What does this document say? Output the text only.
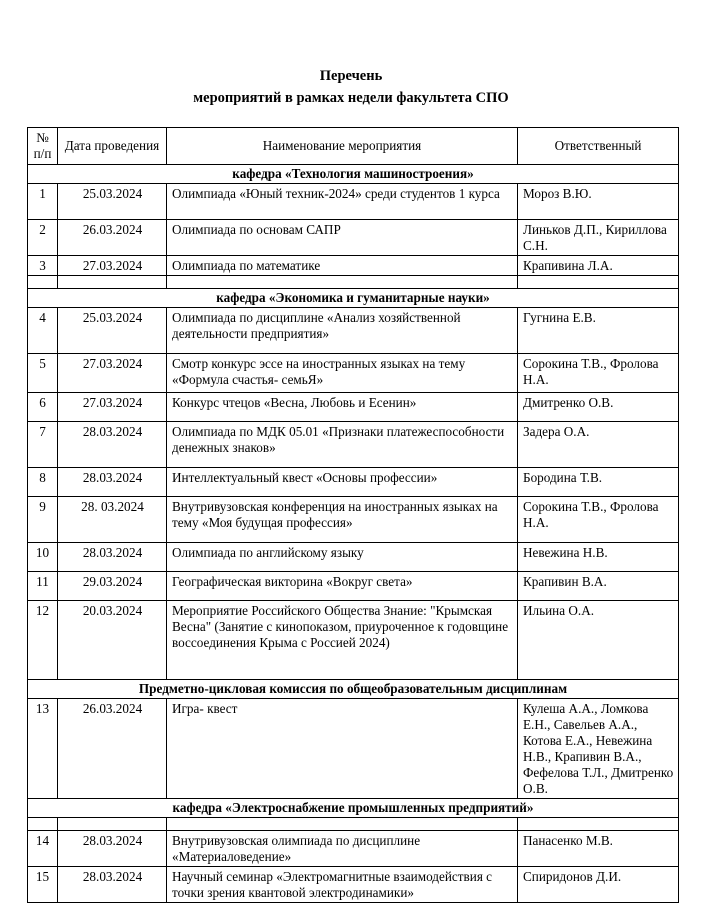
Перечень
мероприятий в рамках недели факультета СПО
№ п/п	Дата проведения	Наименование мероприятия	Ответственный
кафедра «Технология машиностроения»			
1	25.03.2024	Олимпиада «Юный техник-2024» среди студентов 1 курса	Мороз В.Ю.
2	26.03.2024	Олимпиада по основам САПР	Линьков Д.П., Кириллова С.Н.
3	27.03.2024	Олимпиада по математике	Крапивина Л.А.

кафедра «Экономика и гуманитарные науки»			
4	25.03.2024	Олимпиада по дисциплине «Анализ хозяйственной деятельности предприятия»	Гугнина Е.В.
5	27.03.2024	Смотр конкурс эссе на иностранных языках на тему «Формула счастья- семьЯ»	Сорокина Т.В., Фролова Н.А.
6	27.03.2024	Конкурс чтецов «Весна, Любовь и Есенин»	Дмитренко О.В.
7	28.03.2024	Олимпиада по МДК 05.01 «Признаки платежеспособности денежных знаков»	Задера О.А.
8	28.03.2024	Интеллектуальный квест «Основы профессии»	Бородина Т.В.
9	28. 03.2024	Внутривузовская конференция на иностранных языках на тему «Моя будущая профессия»	Сорокина Т.В., Фролова Н.А.
10	28.03.2024	Олимпиада по английскому языку	Невежина Н.В.
11	29.03.2024	Географическая викторина «Вокруг света»	Крапивин В.А.
12	20.03.2024	Мероприятие Российского Общества Знание: "Крымская Весна" (Занятие с кинопоказом, приуроченное к годовщине воссоединения Крыма с Россией 2024)	Ильина О.А.
Предметно-цикловая комиссия по общеобразовательным дисциплинам			
13	26.03.2024	Игра- квест	Кулеша А.А., Ломкова Е.Н., Савельев А.А., Котова Е.А., Невежина Н.В., Крапивин В.А., Фефелова Т.Л., Дмитренко О.В.
кафедра «Электроснабжение промышленных предприятий»			

14	28.03.2024	Внутривузовская олимпиада по дисциплине «Материаловедение»	Панасенко М.В.
15	28.03.2024	Научный семинар «Электромагнитные взаимодействия с точки зрения квантовой электродинамики»	Спиридонов Д.И.
